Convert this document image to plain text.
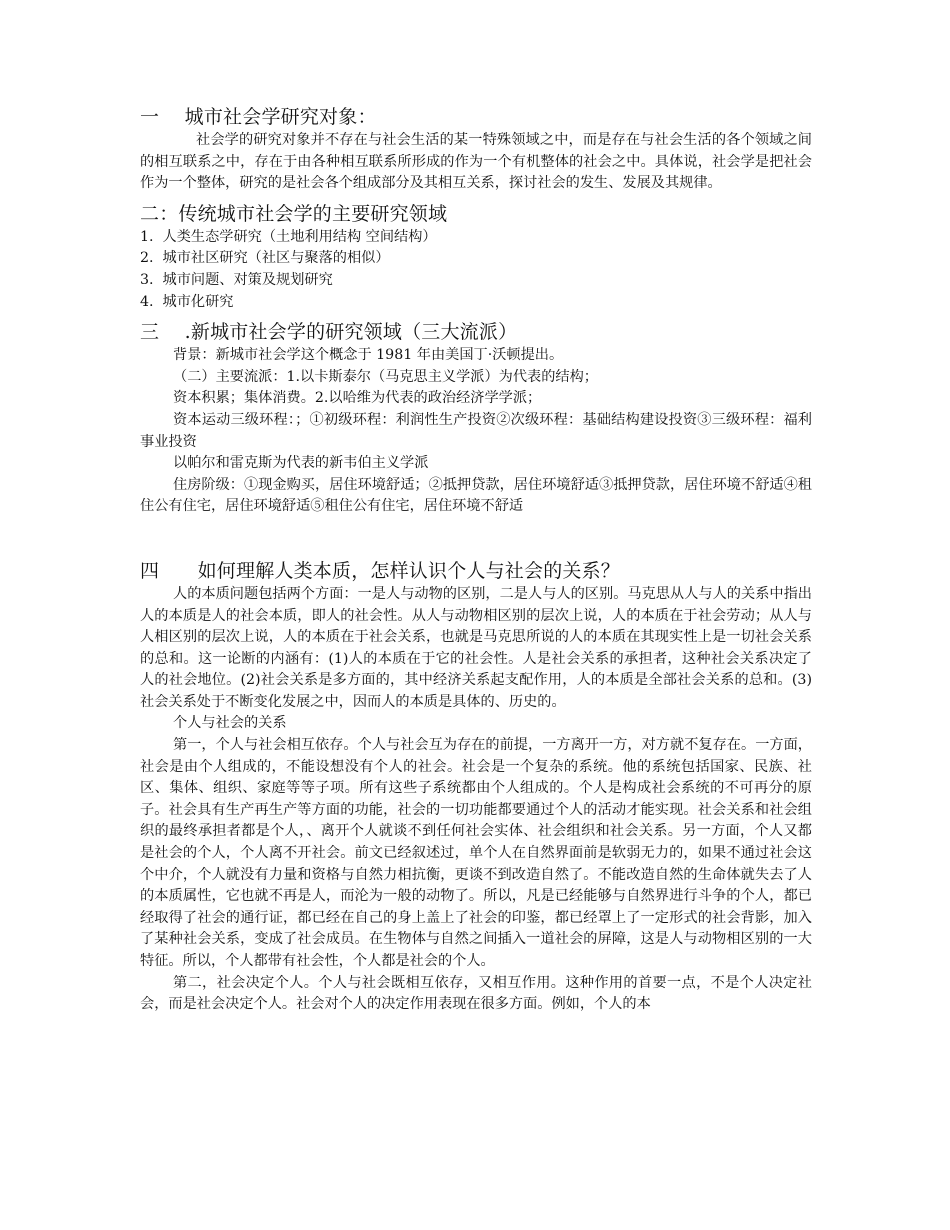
一　 城市社会学研究对象：

社会学的研究对象并不存在与社会生活的某一特殊领域之中，而是存在与社会生活的各个领域之间的相互联系之中，存在于由各种相互联系所形成的作为一个有机整体的社会之中。具体说，社会学是把社会作为一个整体，研究的是社会各个组成部分及其相互关系，探讨社会的发生、发展及其规律。

二：传统城市社会学的主要研究领域
1. 人类生态学研究（土地利用结构 空间结构）
2. 城市社区研究（社区与聚落的相似）
3. 城市问题、对策及规划研究
4. 城市化研究
三　 .新城市社会学的研究领域（三大流派）

背景：新城市社会学这个概念于 1981 年由美国丁·沃顿提出。

（二）主要流派：1.以卡斯泰尔（马克思主义学派）为代表的结构；

资本积累；集体消费。2.以哈维为代表的政治经济学学派；

资本运动三级环程：；①初级环程：利润性生产投资②次级环程：基础结构建设投资③三级环程：福利事业投资

以帕尔和雷克斯为代表的新韦伯主义学派

住房阶级：①现金购买，居住环境舒适；②抵押贷款，居住环境舒适③抵押贷款，居住环境不舒适④租住公有住宅，居住环境舒适⑤租住公有住宅，居住环境不舒适

四　　如何理解人类本质，怎样认识个人与社会的关系？

人的本质问题包括两个方面：一是人与动物的区别，二是人与人的区别。马克思从人与人的关系中指出人的本质是人的社会本质，即人的社会性。从人与动物相区别的层次上说，人的本质在于社会劳动；从人与人相区别的层次上说，人的本质在于社会关系，也就是马克思所说的人的本质在其现实性上是一切社会关系的总和。这一论断的内涵有：(1)人的本质在于它的社会性。人是社会关系的承担者，这种社会关系决定了人的社会地位。(2)社会关系是多方面的，其中经济关系起支配作用，人的本质是全部社会关系的总和。(3)社会关系处于不断变化发展之中，因而人的本质是具体的、历史的。

个人与社会的关系

第一，个人与社会相互依存。个人与社会互为存在的前提，一方离开一方，对方就不复存在。一方面，社会是由个人组成的，不能设想没有个人的社会。社会是一个复杂的系统。他的系统包括国家、民族、社区、集体、组织、家庭等等子项。所有这些子系统都由个人组成的。个人是构成社会系统的不可再分的原子。社会具有生产再生产等方面的功能，社会的一切功能都要通过个人的活动才能实现。社会关系和社会组织的最终承担者都是个人，、离开个人就谈不到任何社会实体、社会组织和社会关系。另一方面，个人又都是社会的个人，个人离不开社会。前文已经叙述过，单个人在自然界面前是软弱无力的，如果不通过社会这个中介，个人就没有力量和资格与自然力相抗衡，更谈不到改造自然了。不能改造自然的生命体就失去了人的本质属性，它也就不再是人，而沦为一般的动物了。所以，凡是已经能够与自然界进行斗争的个人，都已经取得了社会的通行证，都已经在自己的身上盖上了社会的印鉴，都已经罩上了一定形式的社会背影，加入了某种社会关系，变成了社会成员。在生物体与自然之间插入一道社会的屏障，这是人与动物相区别的一大特征。所以，个人都带有社会性，个人都是社会的个人。

第二，社会决定个人。个人与社会既相互依存，又相互作用。这种作用的首要一点，不是个人决定社会，而是社会决定个人。社会对个人的决定作用表现在很多方面。例如，个人的本
